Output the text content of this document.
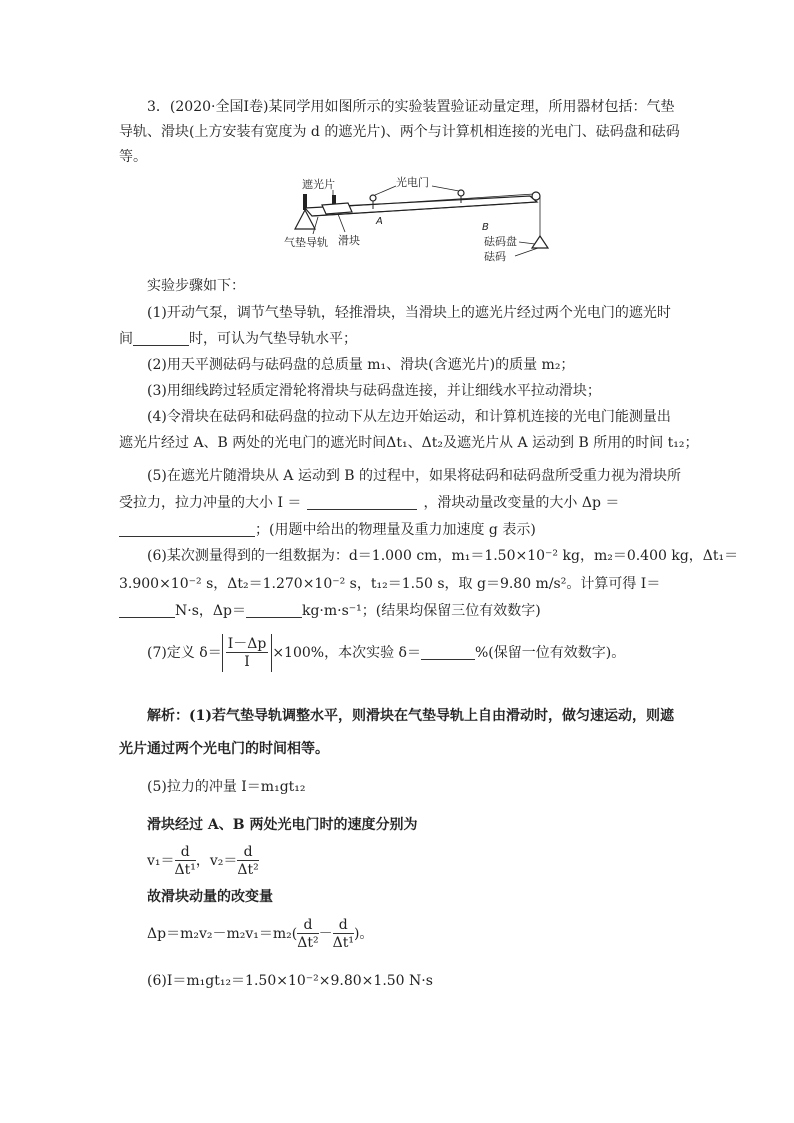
3．(2020·全国Ⅰ卷)某同学用如图所示的实验装置验证动量定理，所用器材包括：气垫
导轨、滑块(上方安装有宽度为 d 的遮光片)、两个与计算机相连接的光电门、砝码盘和砝码
等。
遮光片	光电门
A
B
气垫导轨 滑块	砝码盘
砝码
实验步骤如下：
(1)开动气泵，调节气垫导轨，轻推滑块，当滑块上的遮光片经过两个光电门的遮光时
间	时，可认为气垫导轨水平；
(2)用天平测砝码与砝码盘的总质量 m₁、滑块(含遮光片)的质量 m₂；
(3)用细线跨过轻质定滑轮将滑块与砝码盘连接，并让细线水平拉动滑块；
(4)令滑块在砝码和砝码盘的拉动下从左边开始运动，和计算机连接的光电门能测量出
遮光片经过 A、B 两处的光电门的遮光时间Δt₁、Δt₂及遮光片从 A 运动到 B 所用的时间 t₁₂；
(5)在遮光片随滑块从 A 运动到 B 的过程中，如果将砝码和砝码盘所受重力视为滑块所
受拉力，拉力冲量的大小 I ＝	，滑块动量改变量的大小 Δp ＝
；(用题中给出的物理量及重力加速度 g 表示)
(6)某次测量得到的一组数据为：d＝1.000 cm，m₁＝1.50×10⁻² kg，m₂＝0.400 kg，Δt₁＝
3.900×10⁻² s，Δt₂＝1.270×10⁻² s，t₁₂＝1.50 s，取 g＝9.80 m/s²。计算可得 I＝
N·s，Δp＝	kg·m·s⁻¹；(结果均保留三位有效数字)
(7)定义 $\delta= \frac{I-\Delta p}{I} \times 100\%$，本次实验 δ＝	%(保留一位有效数字)。
解析：(1)若气垫导轨调整水平，则滑块在气垫导轨上自由滑动时，做匀速运动，则遮
光片通过两个光电门的时间相等。
(5)拉力的冲量 I＝m₁gt₁₂
滑块经过 A、B 两处光电门时的速度分别为
$v_1= \frac{d}{\text{Δt¹}}$ ，$v_2= \frac{d}{\text{Δt²}}$
故滑块动量的改变量
$\Delta p=m_2v_2-m_2v_1=m_2( \frac{d}{\text{Δt²}} - \frac{d}{\text{Δt¹}}$ )。
(6)I＝m₁gt₁₂＝1.50×10⁻²×9.80×1.50 N·s
